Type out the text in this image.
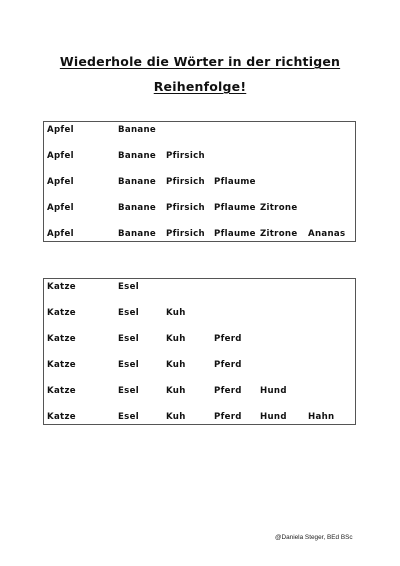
Wiederhole die Wörter in der richtigen
Reihenfolge!
Apfel	Banane
Apfel	Banane Pfirsich
Apfel	Banane Pfirsich Pflaume
Apfel	Banane Pfirsich Pflaume Zitrone
Apfel	Banane Pfirsich Pflaume Zitrone Ananas
Katze	Esel
Katze	Esel	Kuh
Katze	Esel	Kuh	Pferd
Katze	Esel	Kuh	Pferd
Katze	Esel	Kuh	Pferd Hund
Katze	Esel	Kuh	Pferd Hund Hahn
@Daniela Steger, BEd BSc
